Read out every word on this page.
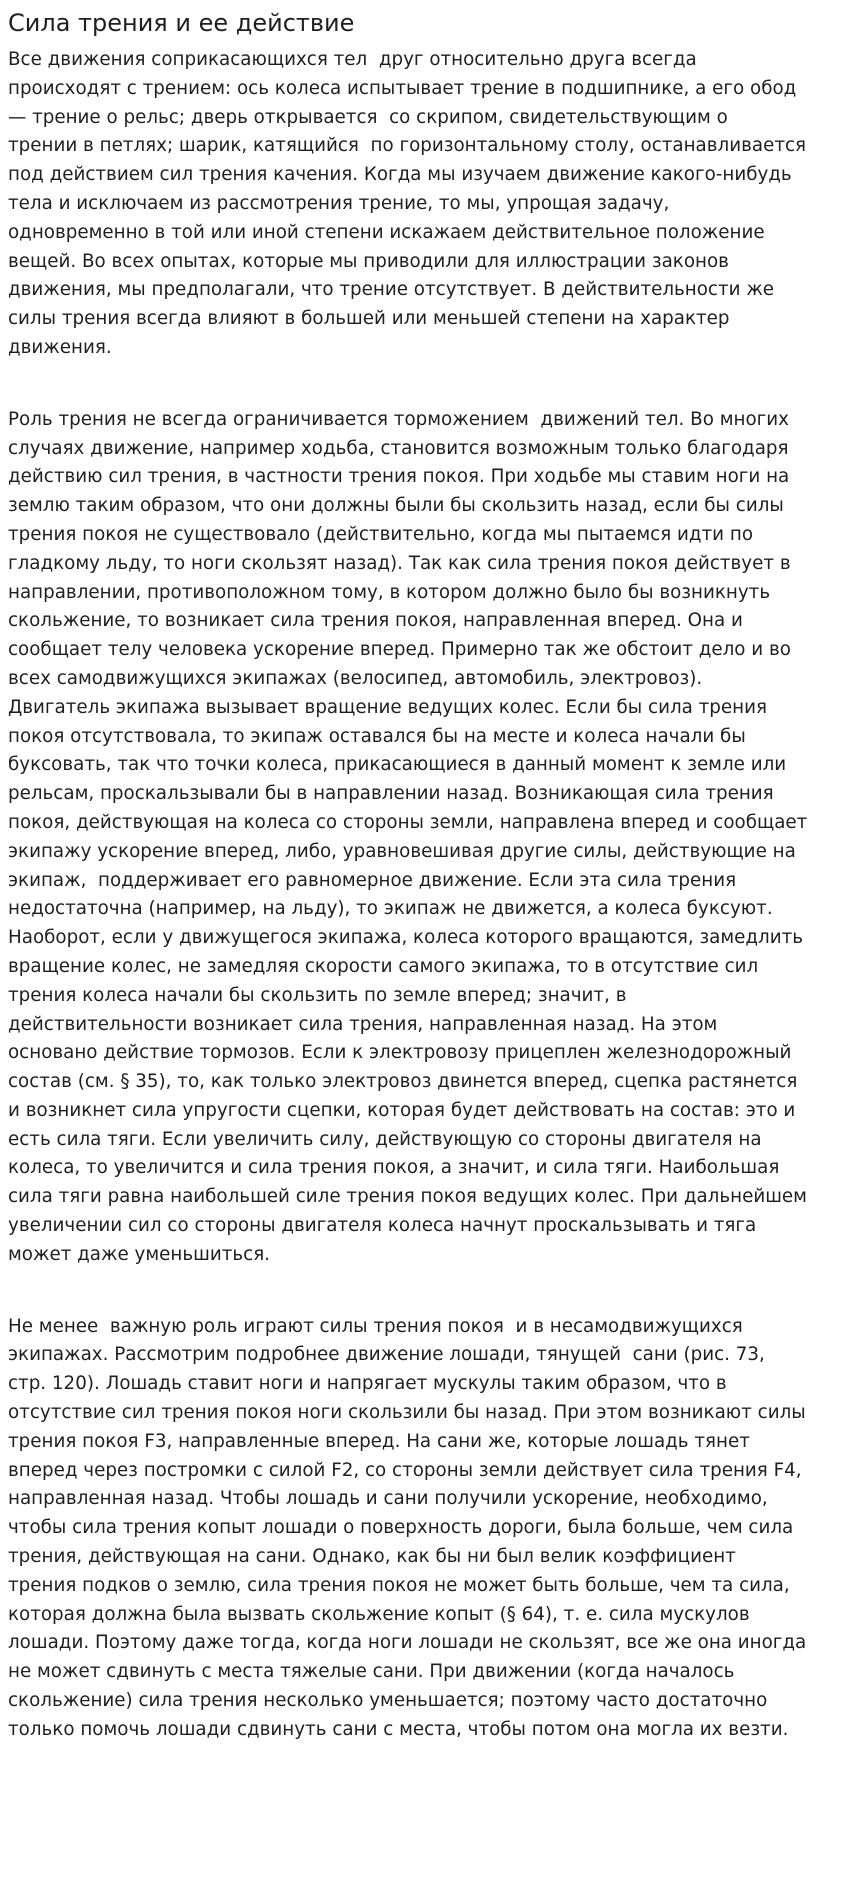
Сила трения и ее действие

Все движения соприкасающихся тел  друг относительно друга всегда
происходят с трением: ось колеса испытывает трение в подшипнике, а его обод
— трение о рельс; дверь открывается  со скрипом, свидетельствующим о
трении в петлях; шарик, катящийся  по горизонтальному столу, останавливается
под действием сил трения качения. Когда мы изучаем движение какого-нибудь
тела и исключаем из рассмотрения трение, то мы, упрощая задачу,
одновременно в той или иной степени искажаем действительное положение
вещей. Во всех опытах, которые мы приводили для иллюстрации законов
движения, мы предполагали, что трение отсутствует. В действительности же
силы трения всегда влияют в большей или меньшей степени на характер
движения.

Роль трения не всегда ограничивается торможением  движений тел. Во многих
случаях движение, например ходьба, становится возможным только благодаря
действию сил трения, в частности трения покоя. При ходьбе мы ставим ноги на
землю таким образом, что они должны были бы скользить назад, если бы силы
трения покоя не существовало (действительно, когда мы пытаемся идти по
гладкому льду, то ноги скользят назад). Так как сила трения покоя действует в
направлении, противоположном тому, в котором должно было бы возникнуть
скольжение, то возникает сила трения покоя, направленная вперед. Она и
сообщает телу человека ускорение вперед. Примерно так же обстоит дело и во
всех самодвижущихся экипажах (велосипед, автомобиль, электровоз).
Двигатель экипажа вызывает вращение ведущих колес. Если бы сила трения
покоя отсутствовала, то экипаж оставался бы на месте и колеса начали бы
буксовать, так что точки колеса, прикасающиеся в данный момент к земле или
рельсам, проскальзывали бы в направлении назад. Возникающая сила трения
покоя, действующая на колеса со стороны земли, направлена вперед и сообщает
экипажу ускорение вперед, либо, уравновешивая другие силы, действующие на
экипаж,  поддерживает его равномерное движение. Если эта сила трения
недостаточна (например, на льду), то экипаж не движется, а колеса буксуют.
Наоборот, если у движущегося экипажа, колеса которого вращаются, замедлить
вращение колес, не замедляя скорости самого экипажа, то в отсутствие сил
трения колеса начали бы скользить по земле вперед; значит, в
действительности возникает сила трения, направленная назад. На этом
основано действие тормозов. Если к электровозу прицеплен железнодорожный
состав (см. § 35), то, как только электровоз двинется вперед, сцепка растянется
и возникнет сила упругости сцепки, которая будет действовать на состав: это и
есть сила тяги. Если увеличить силу, действующую со стороны двигателя на
колеса, то увеличится и сила трения покоя, а значит, и сила тяги. Наибольшая
сила тяги равна наибольшей силе трения покоя ведущих колес. При дальнейшем
увеличении сил со стороны двигателя колеса начнут проскальзывать и тяга
может даже уменьшиться.

Не менее  важную роль играют силы трения покоя  и в несамодвижущихся
экипажах. Рассмотрим подробнее движение лошади, тянущей  сани (рис. 73,
стр. 120). Лошадь ставит ноги и напрягает мускулы таким образом, что в
отсутствие сил трения покоя ноги скользили бы назад. При этом возникают силы
трения покоя F3, направленные вперед. На сани же, которые лошадь тянет
вперед через постромки с силой F2, со стороны земли действует сила трения F4,
направленная назад. Чтобы лошадь и сани получили ускорение, необходимо,
чтобы сила трения копыт лошади о поверхность дороги, была больше, чем сила
трения, действующая на сани. Однако, как бы ни был велик коэффициент
трения подков о землю, сила трения покоя не может быть больше, чем та сила,
которая должна была вызвать скольжение копыт (§ 64), т. е. сила мускулов
лошади. Поэтому даже тогда, когда ноги лошади не скользят, все же она иногда
не может сдвинуть с места тяжелые сани. При движении (когда началось
скольжение) сила трения несколько уменьшается; поэтому часто достаточно
только помочь лошади сдвинуть сани с места, чтобы потом она могла их везти.
